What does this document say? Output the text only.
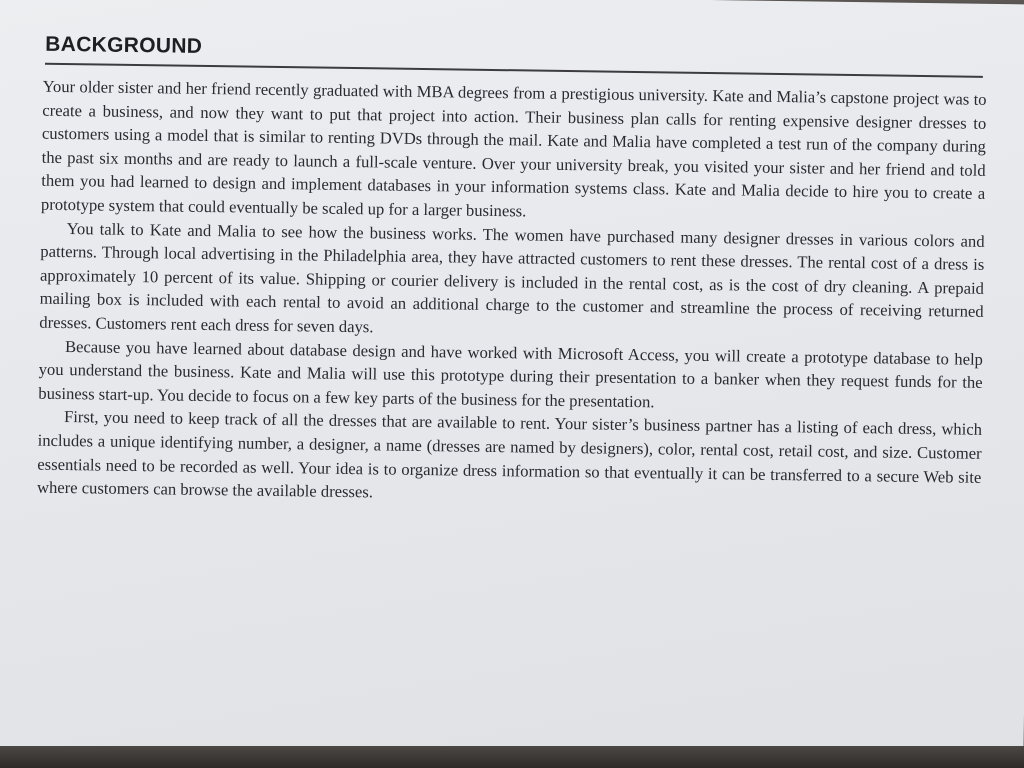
BACKGROUND

Your older sister and her friend recently graduated with MBA degrees from a prestigious university. Kate and Malia’s capstone project was to create a business, and now they want to put that project into action. Their business plan calls for renting expensive designer dresses to customers using a model that is similar to renting DVDs through the mail. Kate and Malia have completed a test run of the company during the past six months and are ready to launch a full-scale venture. Over your university break, you visited your sister and her friend and told them you had learned to design and implement databases in your information systems class. Kate and Malia decide to hire you to create a prototype system that could eventually be scaled up for a larger business.

You talk to Kate and Malia to see how the business works. The women have purchased many designer dresses in various colors and patterns. Through local advertising in the Philadelphia area, they have attracted customers to rent these dresses. The rental cost of a dress is approximately 10 percent of its value. Shipping or courier delivery is included in the rental cost, as is the cost of dry cleaning. A prepaid mailing box is included with each rental to avoid an additional charge to the customer and streamline the process of receiving returned dresses. Customers rent each dress for seven days.

Because you have learned about database design and have worked with Microsoft Access, you will create a prototype database to help you understand the business. Kate and Malia will use this prototype during their presentation to a banker when they request funds for the business start-up. You decide to focus on a few key parts of the business for the presentation.

First, you need to keep track of all the dresses that are available to rent. Your sister’s business partner has a listing of each dress, which includes a unique identifying number, a designer, a name (dresses are named by designers), color, rental cost, retail cost, and size. Customer essentials need to be recorded as well. Your idea is to organize dress information so that eventually it can be transferred to a secure Web site where customers can browse the available dresses.
